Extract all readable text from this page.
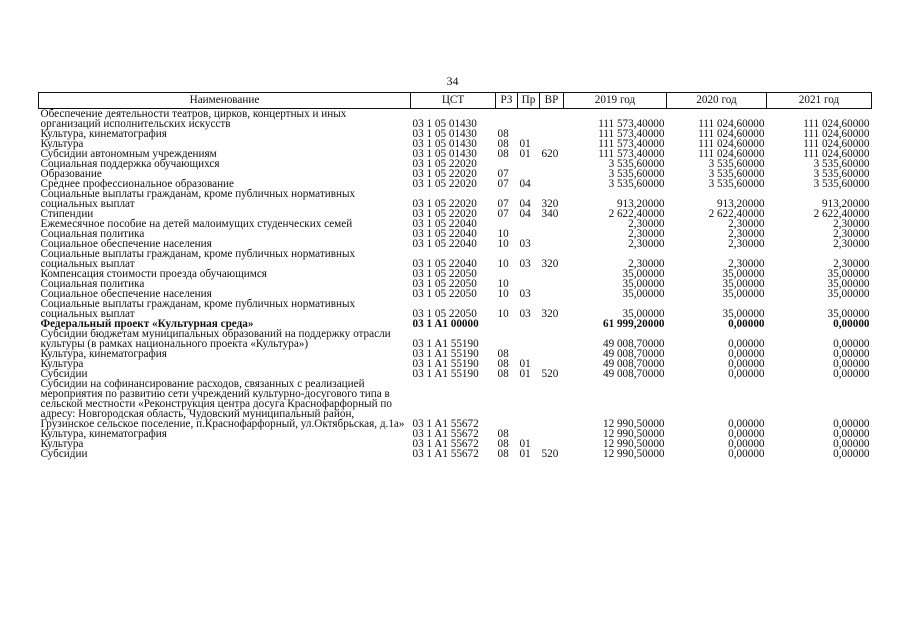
34
Наименование	ЦСТ	РЗ	Пр	ВР	2019 год	2020 год	2021 год
Обеспечение деятельности театров, цирков, концертных и иных организаций исполнительских искусств	03 1 05 01430				111 573,40000	111 024,60000	111 024,60000
Культура, кинематография	03 1 05 01430	08			111 573,40000	111 024,60000	111 024,60000
Культура	03 1 05 01430	08	01		111 573,40000	111 024,60000	111 024,60000
Субсидии автономным учреждениям	03 1 05 01430	08	01	620	111 573,40000	111 024,60000	111 024,60000
Социальная поддержка обучающихся	03 1 05 22020				3 535,60000	3 535,60000	3 535,60000
Образование	03 1 05 22020	07			3 535,60000	3 535,60000	3 535,60000
Среднее профессиональное образование	03 1 05 22020	07	04		3 535,60000	3 535,60000	3 535,60000
Социальные выплаты гражданам, кроме публичных нормативных социальных выплат	03 1 05 22020	07	04	320	913,20000	913,20000	913,20000
Стипендии	03 1 05 22020	07	04	340	2 622,40000	2 622,40000	2 622,40000
Ежемесячное пособие на детей малоимущих студенческих семей	03 1 05 22040				2,30000	2,30000	2,30000
Социальная политика	03 1 05 22040	10			2,30000	2,30000	2,30000
Социальное обеспечение населения	03 1 05 22040	10	03		2,30000	2,30000	2,30000
Социальные выплаты гражданам, кроме публичных нормативных социальных выплат	03 1 05 22040	10	03	320	2,30000	2,30000	2,30000
Компенсация стоимости проезда обучающимся	03 1 05 22050				35,00000	35,00000	35,00000
Социальная политика	03 1 05 22050	10			35,00000	35,00000	35,00000
Социальное обеспечение населения	03 1 05 22050	10	03		35,00000	35,00000	35,00000
Социальные выплаты гражданам, кроме публичных нормативных социальных выплат	03 1 05 22050	10	03	320	35,00000	35,00000	35,00000
Федеральный проект «Культурная среда»	03 1 A1 00000				61 999,20000	0,00000	0,00000
Субсидии бюджетам муниципальных образований на поддержку отрасли культуры (в рамках национального проекта «Культура»)	03 1 A1 55190				49 008,70000	0,00000	0,00000
Культура, кинематография	03 1 A1 55190	08			49 008,70000	0,00000	0,00000
Культура	03 1 A1 55190	08	01		49 008,70000	0,00000	0,00000
Субсидии	03 1 A1 55190	08	01	520	49 008,70000	0,00000	0,00000
Субсидии на софинансирование расходов, связанных с реализацией мероприятия по развитию сети учреждений культурно-досугового типа в сельской местности «Реконструкция центра досуга Краснофарфорный по адресу: Новгородская область, Чудовский муниципальный район, Грузинское сельское поселение, п.Краснофарфорный, ул.Октябрьская, д.1а»	03 1 A1 55672				12 990,50000	0,00000	0,00000
Культура, кинематография	03 1 A1 55672	08			12 990,50000	0,00000	0,00000
Культура	03 1 A1 55672	08	01		12 990,50000	0,00000	0,00000
Субсидии	03 1 A1 55672	08	01	520	12 990,50000	0,00000	0,00000
